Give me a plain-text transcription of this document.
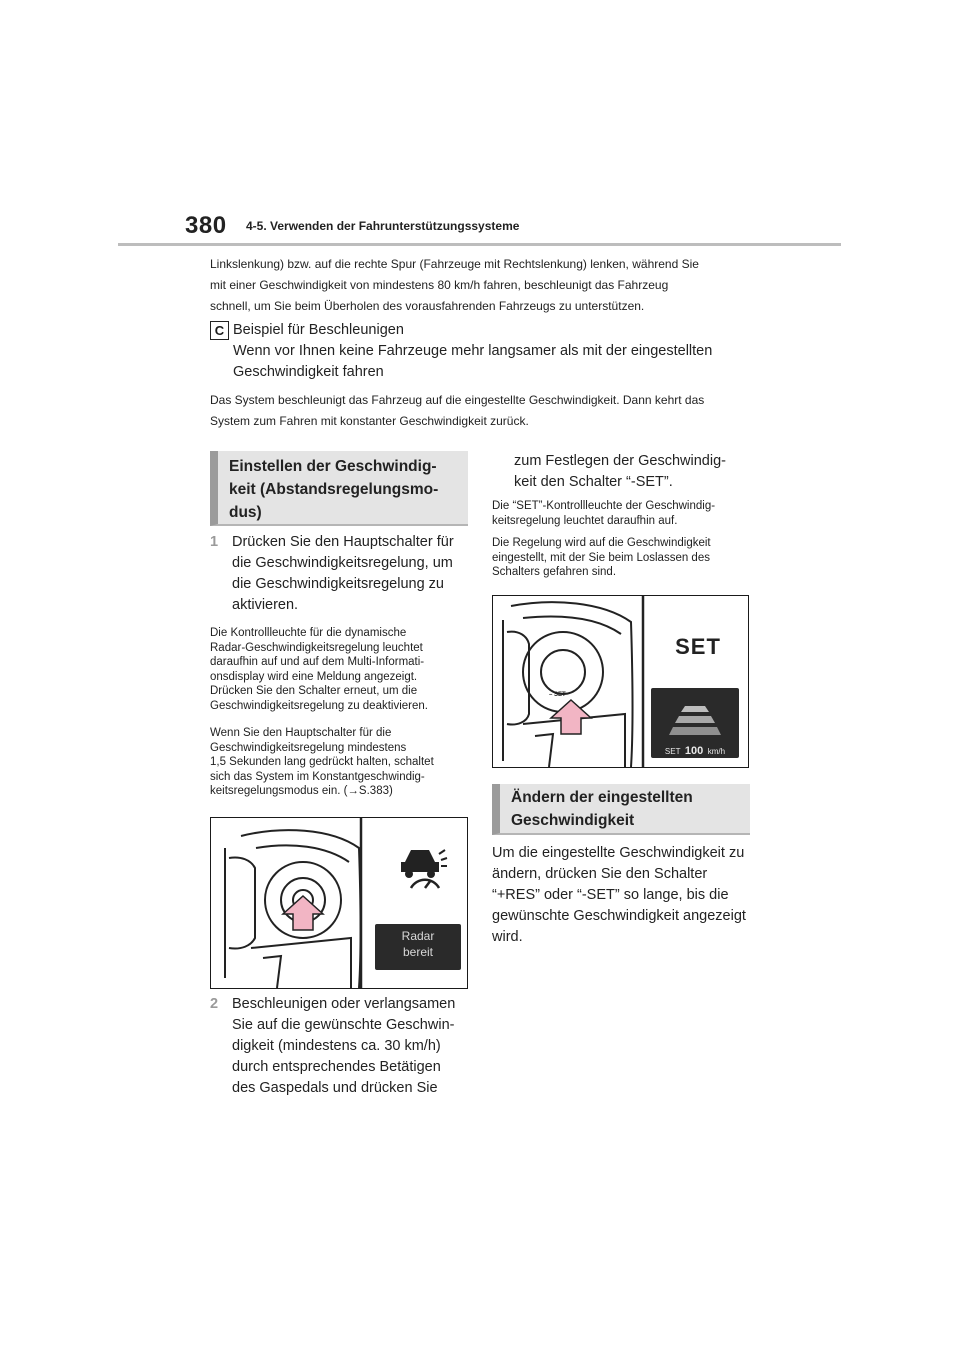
380 4-5. Verwenden der Fahrunterstützungssysteme
Linkslenkung) bzw. auf die rechte Spur (Fahrzeuge mit Rechtslenkung) lenken, während Sie
mit einer Geschwindigkeit von mindestens 80 km/h fahren, beschleunigt das Fahrzeug
schnell, um Sie beim Überholen des vorausfahrenden Fahrzeugs zu unterstützen.
C Beispiel für Beschleunigen
Wenn vor Ihnen keine Fahrzeuge mehr langsamer als mit der eingestellten
Geschwindigkeit fahren
Das System beschleunigt das Fahrzeug auf die eingestellte Geschwindigkeit. Dann kehrt das
System zum Fahren mit konstanter Geschwindigkeit zurück.
Einstellen der Geschwindig-
keit (Abstandsregelungsmo-
dus)
1 Drücken Sie den Hauptschalter für
die Geschwindigkeitsregelung, um
die Geschwindigkeitsregelung zu
aktivieren.
Die Kontrollleuchte für die dynamische
Radar-Geschwindigkeitsregelung leuchtet
daraufhin auf und auf dem Multi-Informati-
onsdisplay wird eine Meldung angezeigt.
Drücken Sie den Schalter erneut, um die
Geschwindigkeitsregelung zu deaktivieren.
Wenn Sie den Hauptschalter für die
Geschwindigkeitsregelung mindestens
1,5 Sekunden lang gedrückt halten, schaltet
sich das System im Konstantgeschwindig-
keitsregelungsmodus ein. (→S.383)
Radar
bereit
2 Beschleunigen oder verlangsamen
Sie auf die gewünschte Geschwin-
digkeit (mindestens ca. 30 km/h)
durch entsprechendes Betätigen
des Gaspedals und drücken Sie
zum Festlegen der Geschwindig-
keit den Schalter “-SET”.
Die “SET”-Kontrollleuchte der Geschwindig-
keitsregelung leuchtet daraufhin auf.
Die Regelung wird auf die Geschwindigkeit
eingestellt, mit der Sie beim Loslassen des
Schalters gefahren sind.
SET
– SET
SET 100 km/h
Ändern der eingestellten
Geschwindigkeit
Um die eingestellte Geschwindigkeit zu
ändern, drücken Sie den Schalter
“+RES” oder “-SET” so lange, bis die
gewünschte Geschwindigkeit angezeigt
wird.
